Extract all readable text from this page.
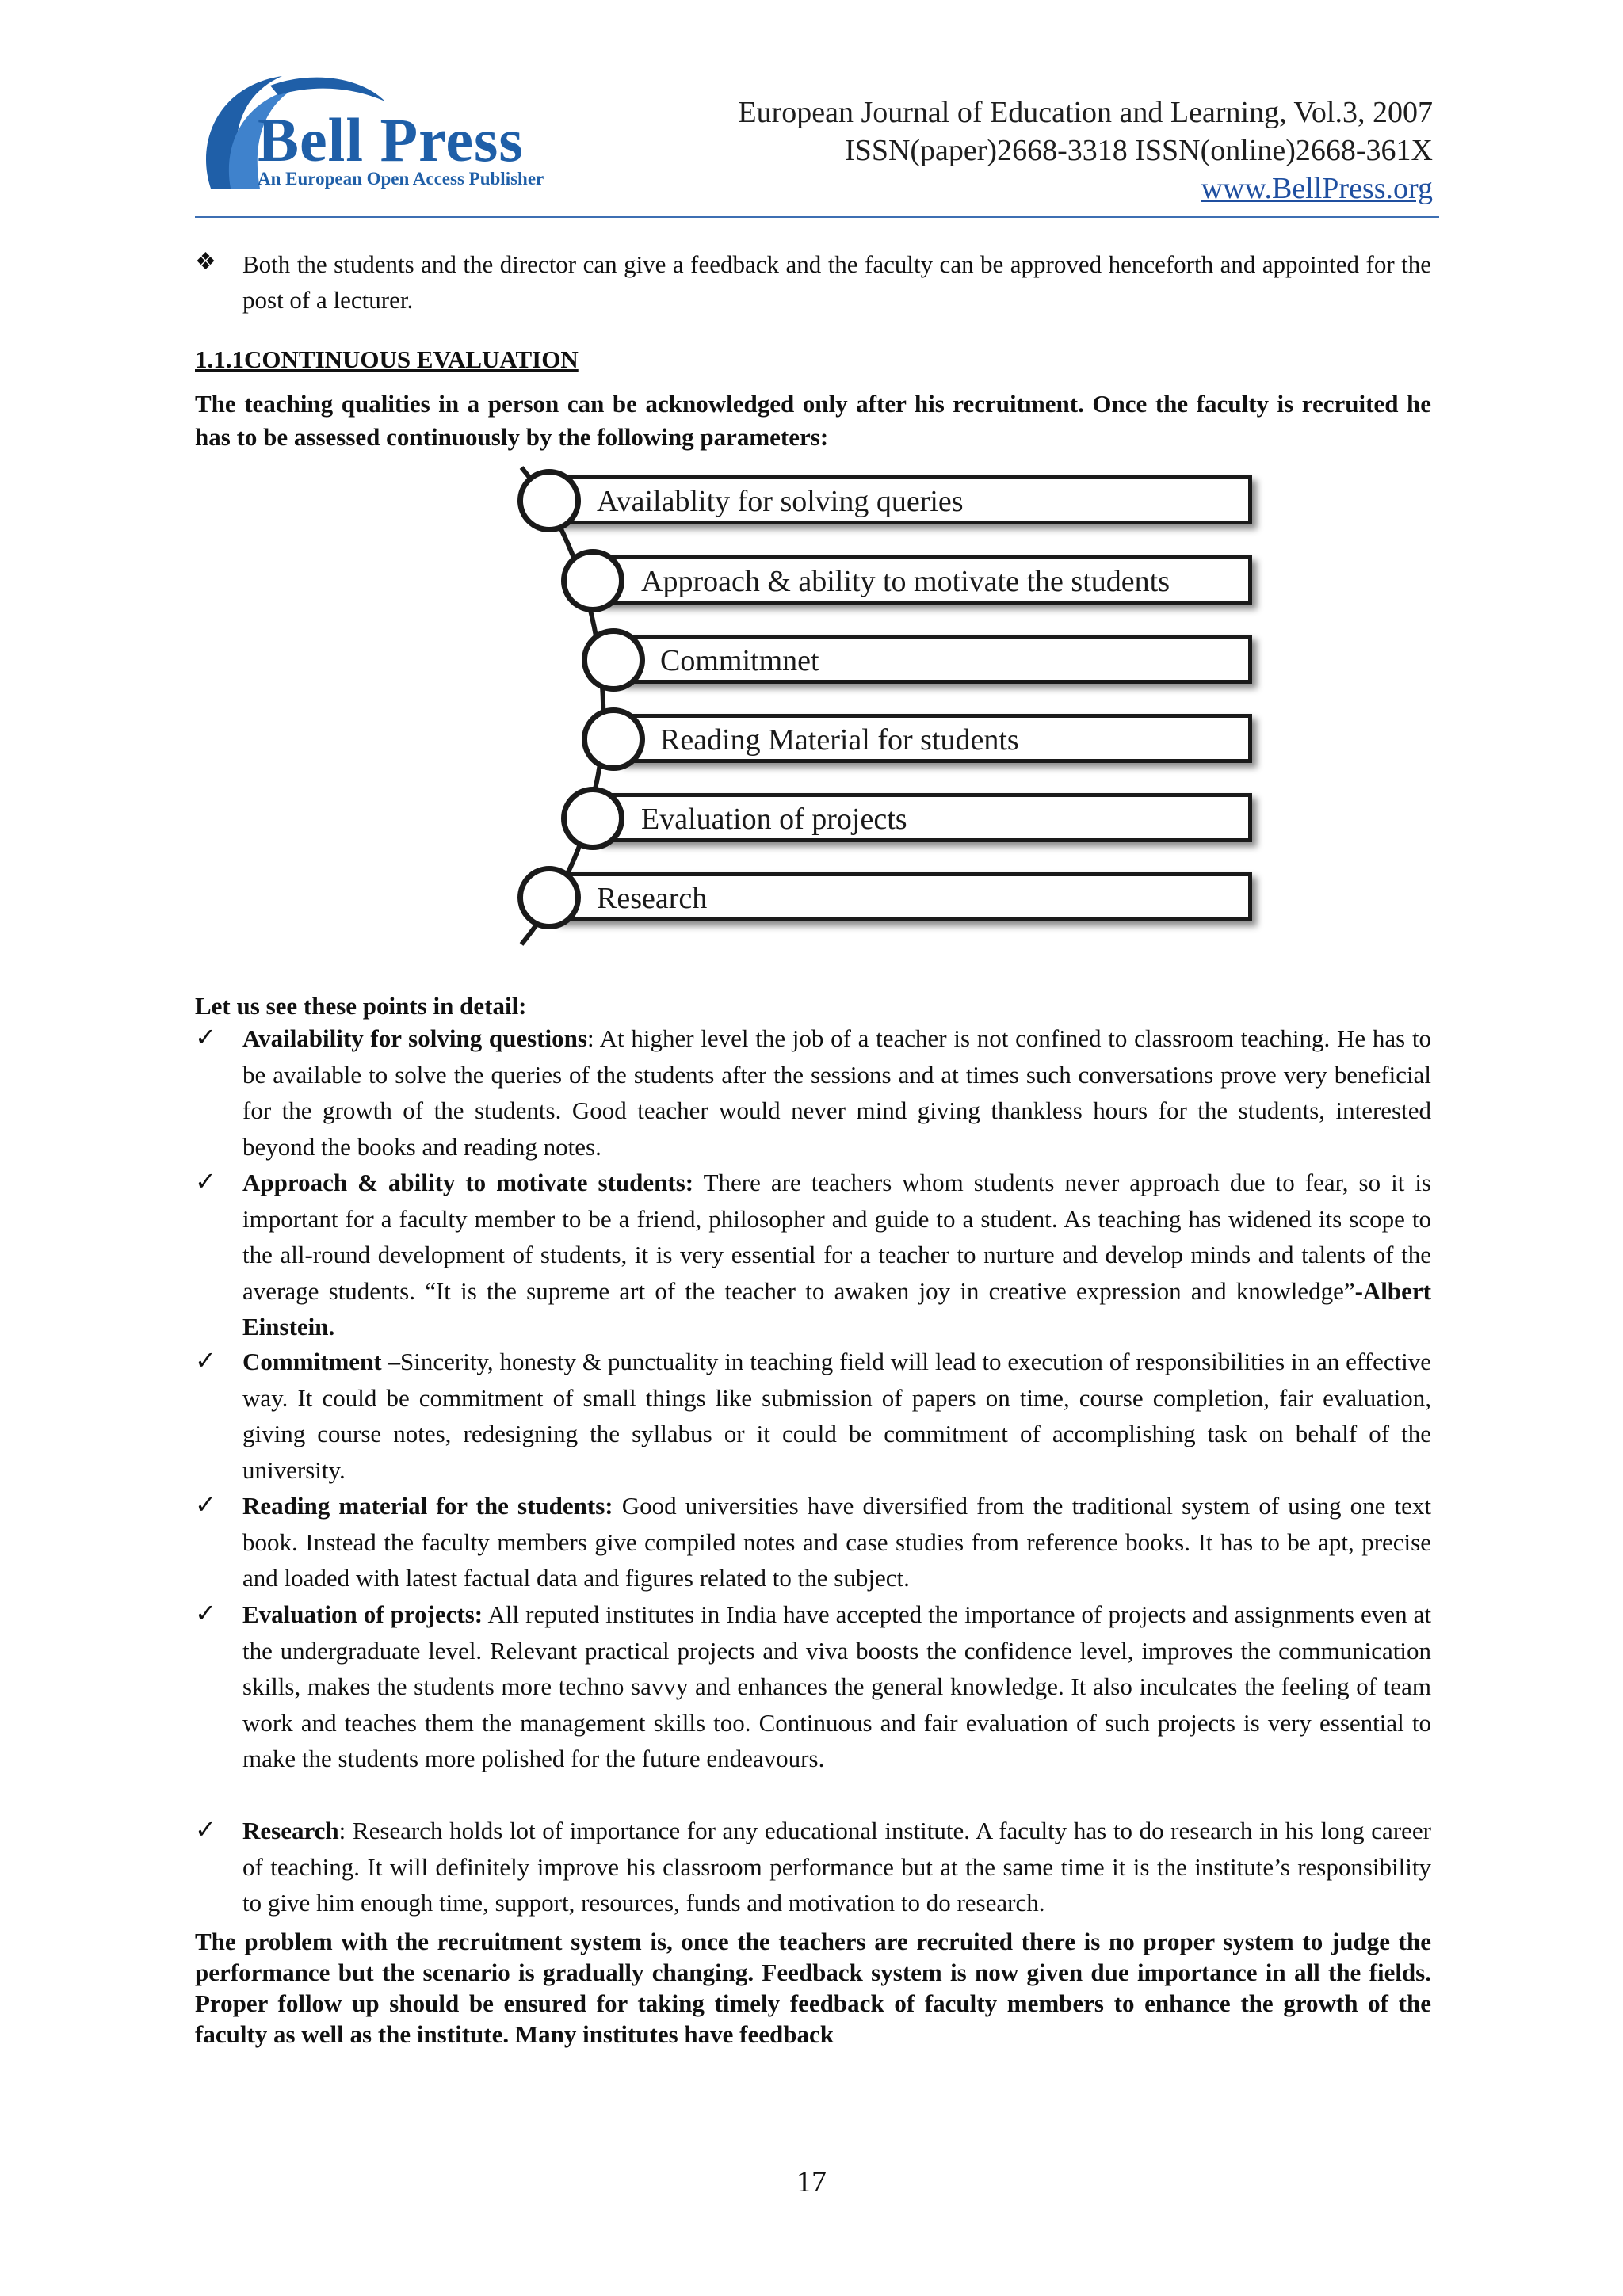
Bell Press
An European Open Access Publisher
European Journal of Education and Learning, Vol.3, 2007
ISSN(paper)2668-3318 ISSN(online)2668-361X
www.BellPress.org
❖ Both the students and the director can give a feedback and the faculty can be approved henceforth and appointed for the post of a lecturer.
1.1.1CONTINUOUS EVALUATION
The teaching qualities in a person can be acknowledged only after his recruitment. Once the faculty is recruited he has to be assessed continuously by the following parameters:
Availablity for solving queries
Approach & ability to motivate the students
Commitmnet
Reading Material for students
Evaluation of projects
Research
Let us see these points in detail:
✓ Availability for solving questions: At higher level the job of a teacher is not confined to classroom teaching. He has to be available to solve the queries of the students after the sessions and at times such conversations prove very beneficial for the growth of the students. Good teacher would never mind giving thankless hours for the students, interested beyond the books and reading notes.
✓ Approach & ability to motivate students: There are teachers whom students never approach due to fear, so it is important for a faculty member to be a friend, philosopher and guide to a student. As teaching has widened its scope to the all-round development of students, it is very essential for a teacher to nurture and develop minds and talents of the average students. “It is the supreme art of the teacher to awaken joy in creative expression and knowledge”-Albert Einstein.
✓ Commitment –Sincerity, honesty & punctuality in teaching field will lead to execution of responsibilities in an effective way. It could be commitment of small things like submission of papers on time, course completion, fair evaluation, giving course notes, redesigning the syllabus or it could be commitment of accomplishing task on behalf of the university.
✓ Reading material for the students: Good universities have diversified from the traditional system of using one text book. Instead the faculty members give compiled notes and case studies from reference books. It has to be apt, precise and loaded with latest factual data and figures related to the subject.
✓ Evaluation of projects: All reputed institutes in India have accepted the importance of projects and assignments even at the undergraduate level. Relevant practical projects and viva boosts the confidence level, improves the communication skills, makes the students more techno savvy and enhances the general knowledge. It also inculcates the feeling of team work and teaches them the management skills too. Continuous and fair evaluation of such projects is very essential to make the students more polished for the future endeavours.
✓ Research: Research holds lot of importance for any educational institute. A faculty has to do research in his long career of teaching. It will definitely improve his classroom performance but at the same time it is the institute’s responsibility to give him enough time, support, resources, funds and motivation to do research.
The problem with the recruitment system is, once the teachers are recruited there is no proper system to judge the performance but the scenario is gradually changing. Feedback system is now given due importance in all the fields. Proper follow up should be ensured for taking timely feedback of faculty members to enhance the growth of the faculty as well as the institute. Many institutes have feedback
17
